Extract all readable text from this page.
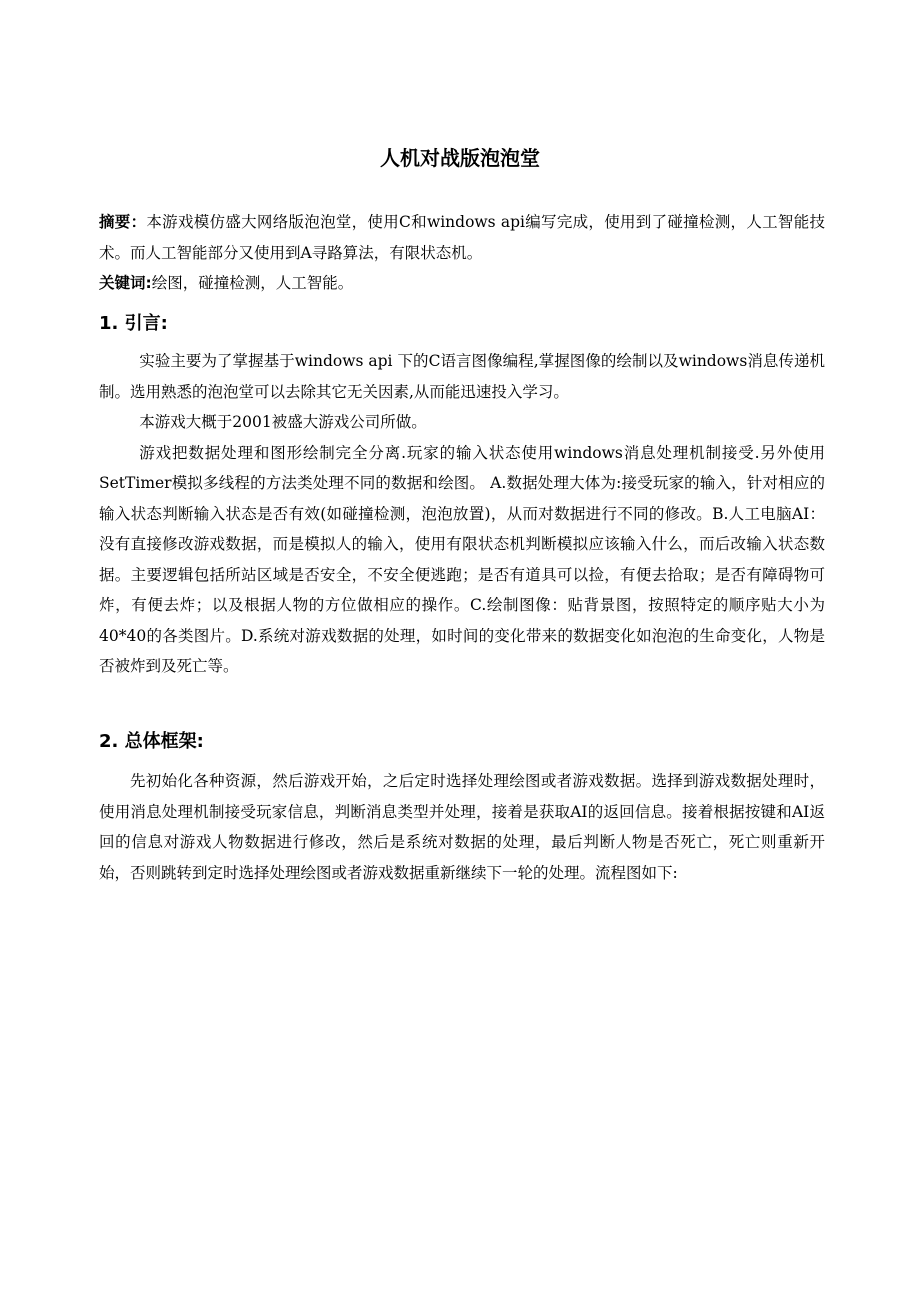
人机对战版泡泡堂

摘要：本游戏模仿盛大网络版泡泡堂，使用C和windows api编写完成，使用到了碰撞检测，人工智能技术。而人工智能部分又使用到A寻路算法，有限状态机。

关键词:绘图，碰撞检测，人工智能。

1. 引言:

实验主要为了掌握基于windows api 下的C语言图像编程,掌握图像的绘制以及windows消息传递机制。选用熟悉的泡泡堂可以去除其它无关因素,从而能迅速投入学习。

本游戏大概于2001被盛大游戏公司所做。

游戏把数据处理和图形绘制完全分离.玩家的输入状态使用windows消息处理机制接受.另外使用SetTimer模拟多线程的方法类处理不同的数据和绘图。 A.数据处理大体为:接受玩家的输入，针对相应的输入状态判断输入状态是否有效(如碰撞检测，泡泡放置)，从而对数据进行不同的修改。B.人工电脑AI：没有直接修改游戏数据，而是模拟人的输入，使用有限状态机判断模拟应该输入什么，而后改输入状态数据。主要逻辑包括所站区域是否安全，不安全便逃跑；是否有道具可以捡，有便去拾取；是否有障碍物可炸，有便去炸；以及根据人物的方位做相应的操作。C.绘制图像：贴背景图，按照特定的顺序贴大小为40*40的各类图片。D.系统对游戏数据的处理，如时间的变化带来的数据变化如泡泡的生命变化，人物是否被炸到及死亡等。

2. 总体框架:

先初始化各种资源，然后游戏开始，之后定时选择处理绘图或者游戏数据。选择到游戏数据处理时，使用消息处理机制接受玩家信息，判断消息类型并处理，接着是获取AI的返回信息。接着根据按键和AI返回的信息对游戏人物数据进行修改，然后是系统对数据的处理，最后判断人物是否死亡，死亡则重新开始，否则跳转到定时选择处理绘图或者游戏数据重新继续下一轮的处理。流程图如下:
